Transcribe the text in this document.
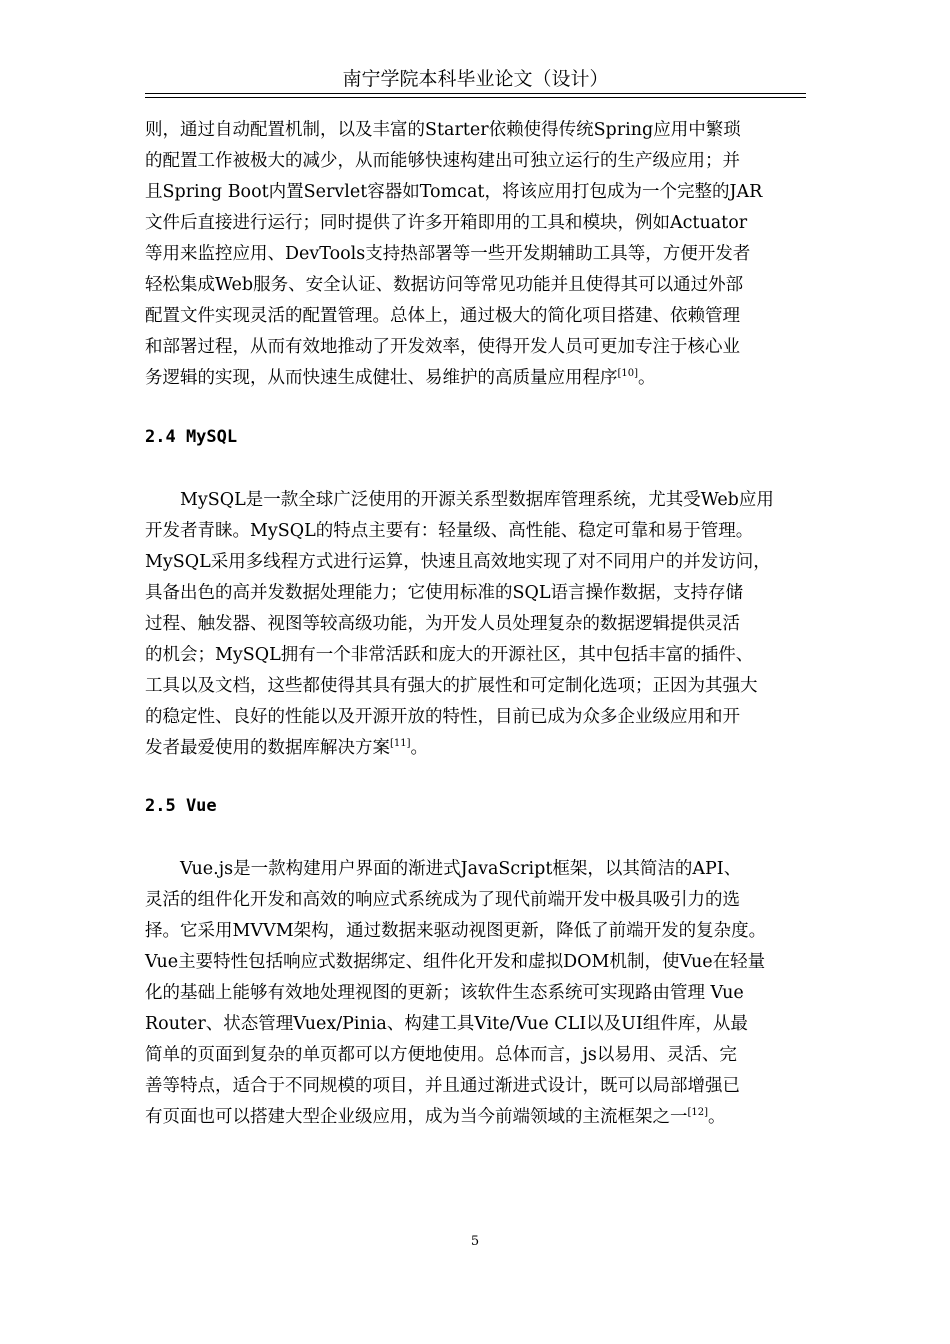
南宁学院本科毕业论文（设计）
则，通过自动配置机制，以及丰富的Starter依赖使得传统Spring应用中繁琐
的配置工作被极大的减少，从而能够快速构建出可独立运行的生产级应用；并
且Spring Boot内置Servlet容器如Tomcat，将该应用打包成为一个完整的JAR
文件后直接进行运行；同时提供了许多开箱即用的工具和模块，例如Actuator
等用来监控应用、DevTools支持热部署等一些开发期辅助工具等，方便开发者
轻松集成Web服务、安全认证、数据访问等常见功能并且使得其可以通过外部
配置文件实现灵活的配置管理。总体上，通过极大的简化项目搭建、依赖管理
和部署过程，从而有效地推动了开发效率，使得开发人员可更加专注于核心业
务逻辑的实现，从而快速生成健壮、易维护的高质量应用程序[10]。
2.4 MySQL
　　MySQL是一款全球广泛使用的开源关系型数据库管理系统，尤其受Web应用
开发者青睐。MySQL的特点主要有：轻量级、高性能、稳定可靠和易于管理。
MySQL采用多线程方式进行运算，快速且高效地实现了对不同用户的并发访问，
具备出色的高并发数据处理能力；它使用标准的SQL语言操作数据，支持存储
过程、触发器、视图等较高级功能，为开发人员处理复杂的数据逻辑提供灵活
的机会；MySQL拥有一个非常活跃和庞大的开源社区，其中包括丰富的插件、
工具以及文档，这些都使得其具有强大的扩展性和可定制化选项；正因为其强大
的稳定性、良好的性能以及开源开放的特性，目前已成为众多企业级应用和开
发者最爱使用的数据库解决方案[11]。
2.5 Vue
　　Vue.js是一款构建用户界面的渐进式JavaScript框架，以其简洁的API、
灵活的组件化开发和高效的响应式系统成为了现代前端开发中极具吸引力的选
择。它采用MVVM架构，通过数据来驱动视图更新，降低了前端开发的复杂度。
Vue主要特性包括响应式数据绑定、组件化开发和虚拟DOM机制，使Vue在轻量
化的基础上能够有效地处理视图的更新；该软件生态系统可实现路由管理 Vue
Router、状态管理Vuex/Pinia、构建工具Vite/Vue CLI以及UI组件库，从最
简单的页面到复杂的单页都可以方便地使用。总体而言，js以易用、灵活、完
善等特点，适合于不同规模的项目，并且通过渐进式设计，既可以局部增强已
有页面也可以搭建大型企业级应用，成为当今前端领域的主流框架之一[12]。
5
